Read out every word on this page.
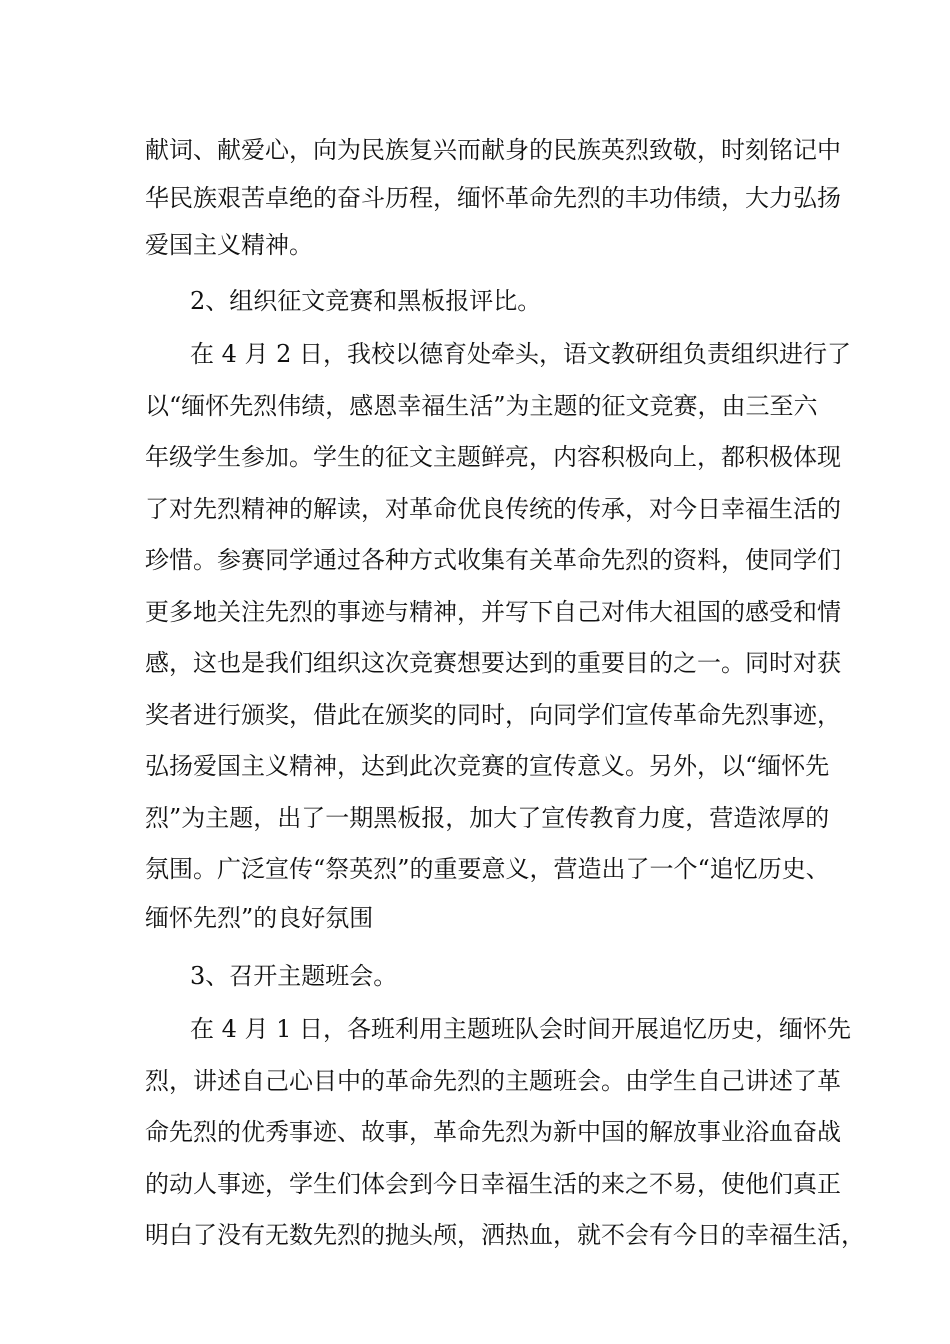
献词、献爱心，向为民族复兴而献身的民族英烈致敬，时刻铭记中
华民族艰苦卓绝的奋斗历程，缅怀革命先烈的丰功伟绩，大力弘扬
爱国主义精神。
2、组织征文竞赛和黑板报评比。
在 4 月 2 日，我校以德育处牵头，语文教研组负责组织进行了
以“缅怀先烈伟绩，感恩幸福生活”为主题的征文竞赛，由三至六
年级学生参加。学生的征文主题鲜亮，内容积极向上，都积极体现
了对先烈精神的解读，对革命优良传统的传承，对今日幸福生活的
珍惜。参赛同学通过各种方式收集有关革命先烈的资料，使同学们
更多地关注先烈的事迹与精神，并写下自己对伟大祖国的感受和情
感，这也是我们组织这次竞赛想要达到的重要目的之一。同时对获
奖者进行颁奖，借此在颁奖的同时，向同学们宣传革命先烈事迹，
弘扬爱国主义精神，达到此次竞赛的宣传意义。另外，以“缅怀先
烈”为主题，出了一期黑板报，加大了宣传教育力度，营造浓厚的
氛围。广泛宣传“祭英烈”的重要意义，营造出了一个“追忆历史、
缅怀先烈”的良好氛围
3、召开主题班会。
在 4 月 1 日，各班利用主题班队会时间开展追忆历史，缅怀先
烈，讲述自己心目中的革命先烈的主题班会。由学生自己讲述了革
命先烈的优秀事迹、故事，革命先烈为新中国的解放事业浴血奋战
的动人事迹，学生们体会到今日幸福生活的来之不易，使他们真正
明白了没有无数先烈的抛头颅，洒热血，就不会有今日的幸福生活，
